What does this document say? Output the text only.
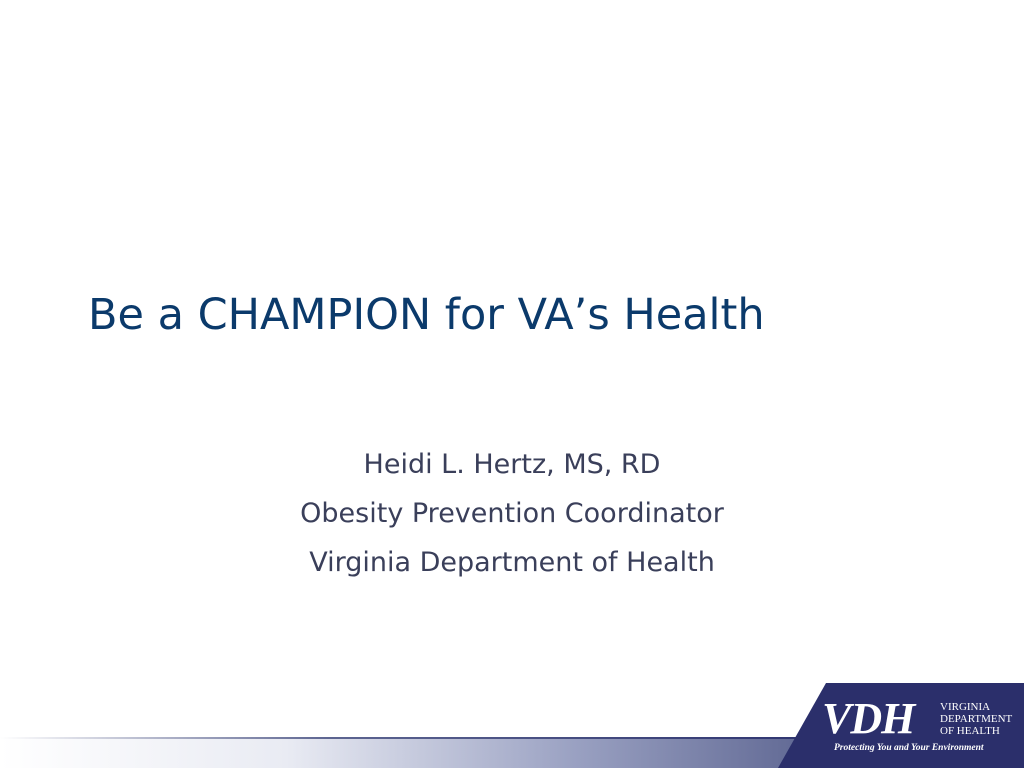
Be a CHAMPION for VA’s Health
Heidi L. Hertz, MS, RD
Obesity Prevention Coordinator
Virginia Department of Health
VDH VIRGINIA
DEPARTMENT
OF HEALTH
Protecting You and Your Environment
